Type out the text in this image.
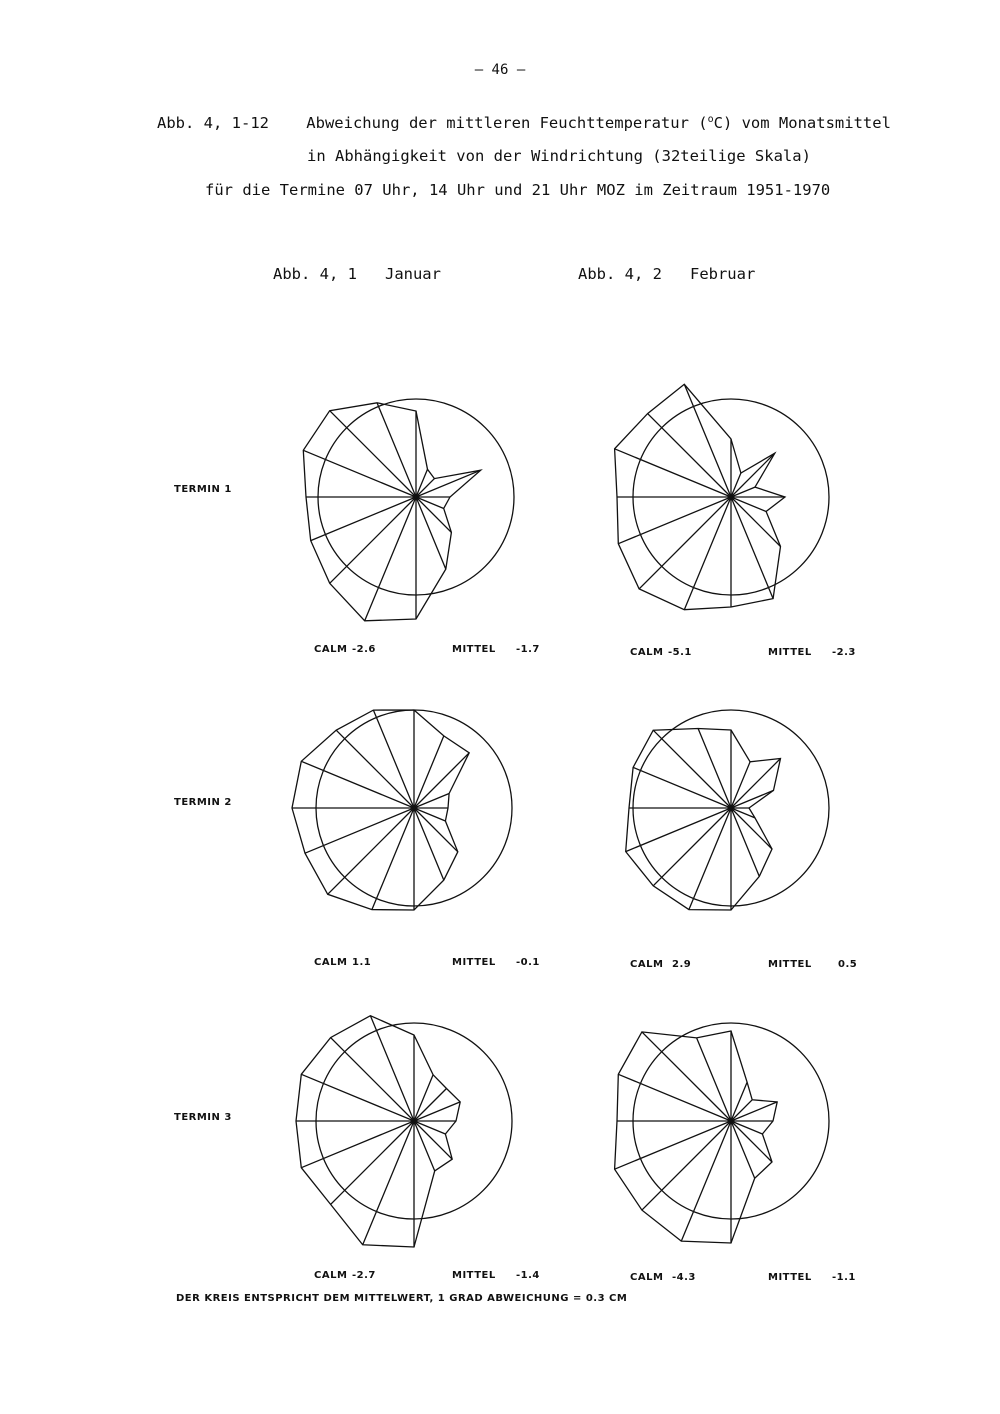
— 46 —
Abb. 4, 1-12    Abweichung der mittleren Feuchttemperatur ($^o$C) vom Monatsmittel
in Abhängigkeit von der Windrichtung (32teilige Skala)
für die Termine 07 Uhr, 14 Uhr und 21 Uhr MOZ im Zeitraum 1951-1970
Abb. 4, 1   Januar	Abb. 4, 2   Februar
TERMIN 1
TERMIN 2
TERMIN 3
CALM -2.6	MITTEL -1.7	CALM -5.1	MITTEL -2.3
CALM 1.1	MITTEL -0.1	CALM 2.9	MITTEL	0.5
CALM -2.7	MITTEL -1.4	CALM -4.3	MITTEL -1.1
DER KREIS ENTSPRICHT DEM MITTELWERT, 1 GRAD ABWEICHUNG = 0.3 CM
